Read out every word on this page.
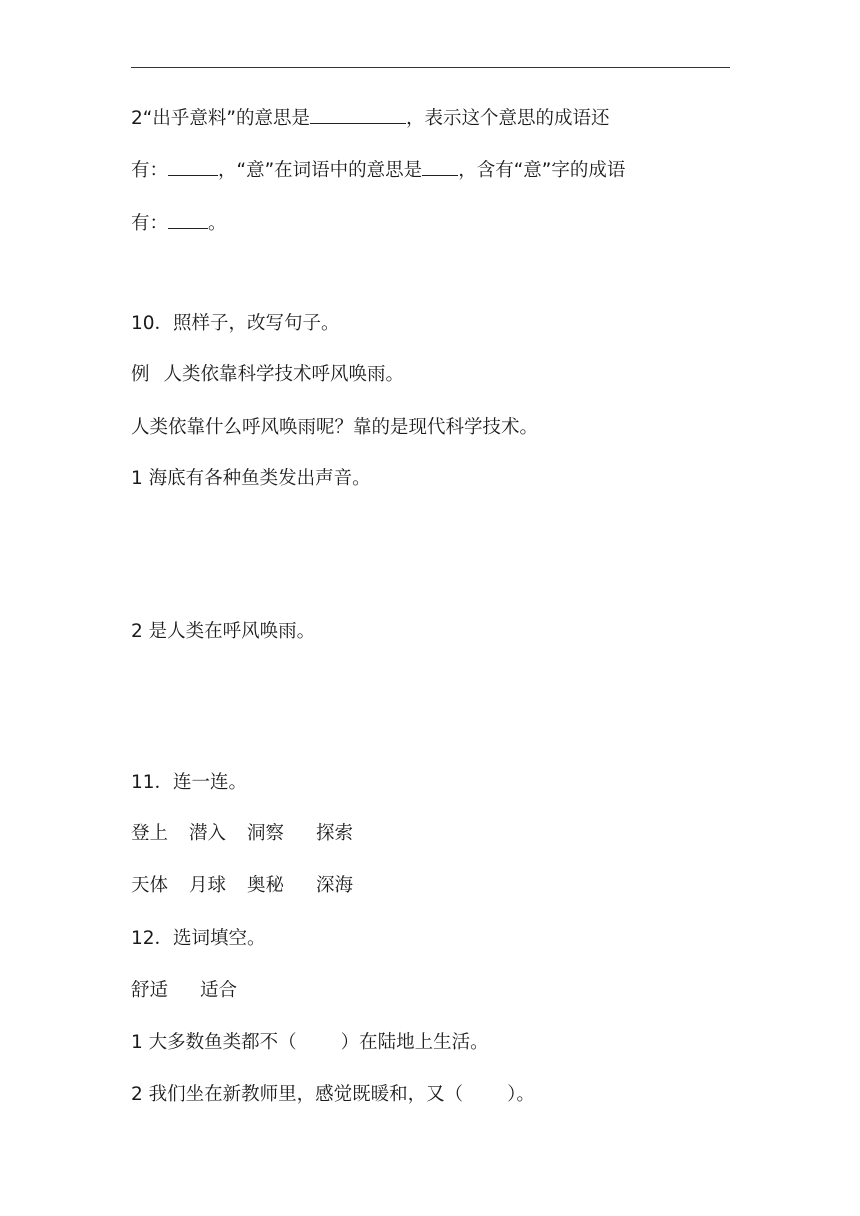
2“出乎意料”的意思是	，表示这个意思的成语还
有：	，“意”在词语中的意思是 ，含有“意”字的成语
有： 。
10．照样子，改写句子。
例 人类依靠科学技术呼风唤雨。
人类依靠什么呼风唤雨呢？靠的是现代科学技术。
1 海底有各种鱼类发出声音。
2 是人类在呼风唤雨。
11．连一连。
登上 潜入 洞察 探索
天体 月球 奥秘 深海
12．选词填空。
舒适 适合
1 大多数鱼类都不（ ）在陆地上生活。
2 我们坐在新教师里，感觉既暖和，又（ ）。
